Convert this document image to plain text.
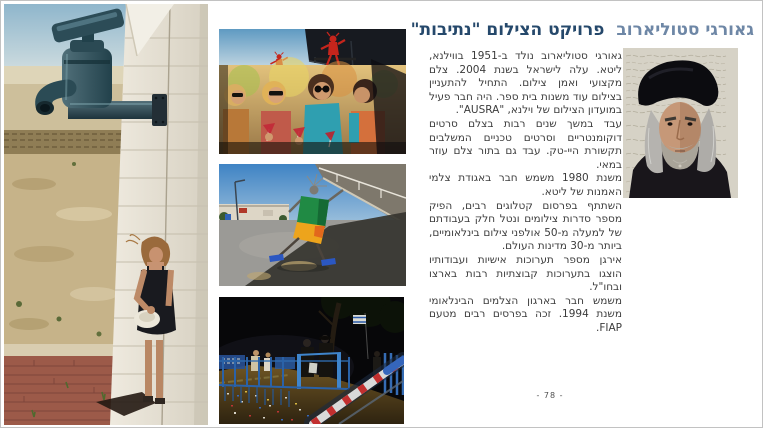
גאורגי סטוליארוב
פרויקט הצילום "נתיבות"

גאורגי סטוליארוב נולד ב-1951 בווילנא, ליטא. עלה לישראל בשנת 2004. צלם מקצועי ואמן צילום. התחיל להתעניין בצילום עוד משנות בית ספר. היה חבר פעיל במועדון הצילום של וילנא, "AUSRA".

עבד במשך שנים רבות בצלם סרטים דוקומנטריים וסרטים טכניים המשלבים תקשורת היי-טק. עבד גם בתור צלם עוזר במאי.

משנת 1980 משמש חבר באגודת צלמי האמנות של ליטא.

השתתף בפרסום קטלוגים רבים, הפיק מספר סדרות צילומים ונטל חלק בעבודתם של למעלה מ-50 אולפני צילום בינלאומיים, ביותר מ-30 מדינות העולם.

אירגן מספר תערוכות אישיות ועבודותיו הוצגו בתערוכות קבוצתיות רבות בארצו ובחו"ל.

משמש חבר בארגון הצלמים הבינלאומי משנת 1994. זכה בפרסים רבים מטעם FIAP.

- 78 -
